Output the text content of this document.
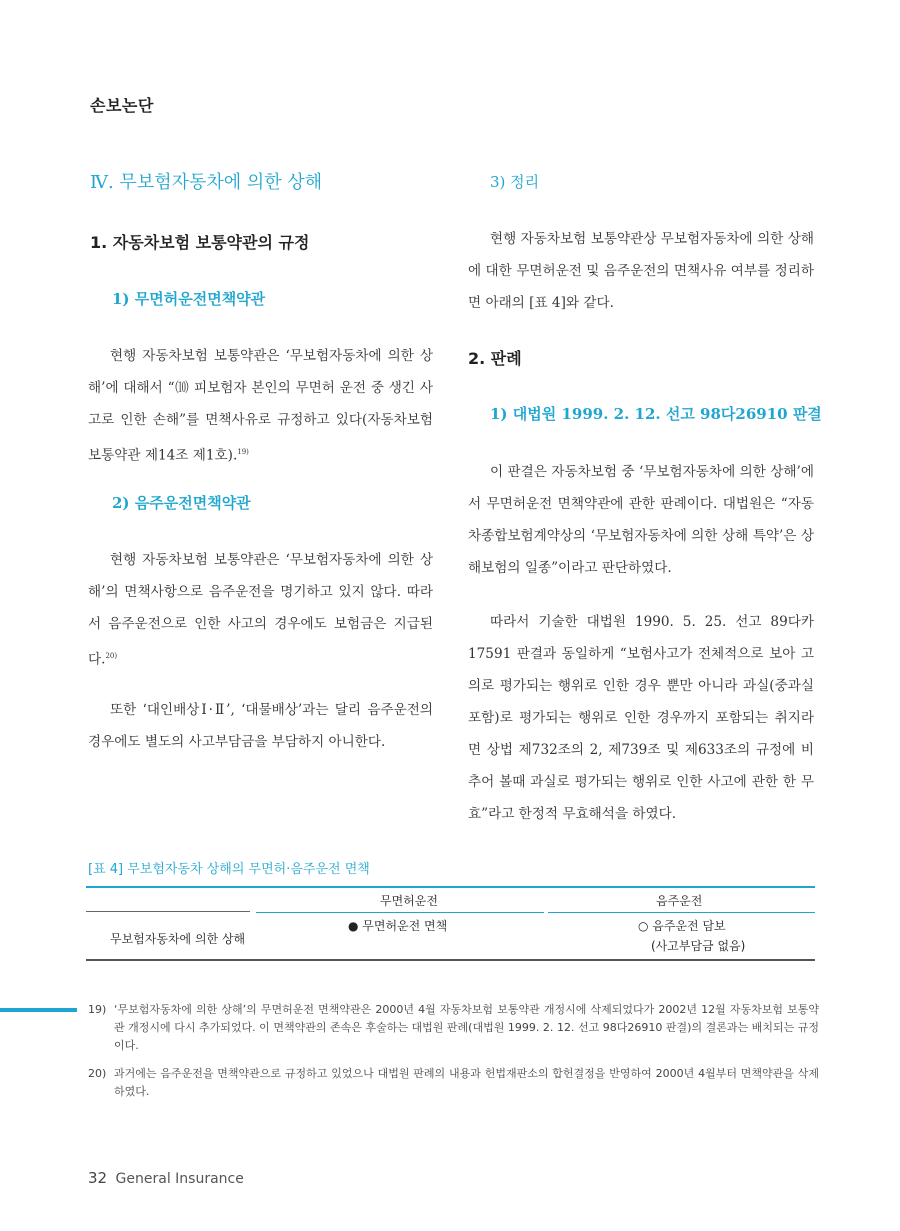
손보논단
Ⅳ. 무보험자동차에 의한 상해
1. 자동차보험 보통약관의 규정
1) 무면허운전면책약관

현행 자동차보험 보통약관은 ‘무보험자동차에 의한 상해’에 대해서 “⑽ 피보험자 본인의 무면허 운전 중 생긴 사고로 인한 손해”를 면책사유로 규정하고 있다(자동차보험 보통약관 제14조 제1호).$^{19)}$

2) 음주운전면책약관

현행 자동차보험 보통약관은 ‘무보험자동차에 의한 상해’의 면책사항으로 음주운전을 명기하고 있지 않다. 따라서 음주운전으로 인한 사고의 경우에도 보험금은 지급된다.$^{20)}$

또한 ‘대인배상Ⅰ·Ⅱ’, ‘대물배상’과는 달리 음주운전의 경우에도 별도의 사고부담금을 부담하지 아니한다.

3) 정리

현행 자동차보험 보통약관상 무보험자동차에 의한 상해에 대한 무면허운전 및 음주운전의 면책사유 여부를 정리하면 아래의 [표 4]와 같다.

2. 판례
1) 대법원 1999. 2. 12. 선고 98다26910 판결

이 판결은 자동차보험 중 ‘무보험자동차에 의한 상해’에서 무면허운전 면책약관에 관한 판례이다. 대법원은 “자동차종합보험계약상의 ‘무보험자동차에 의한 상해 특약’은 상해보험의 일종”이라고 판단하였다.

따라서 기술한 대법원 1990. 5. 25. 선고 89다카17591 판결과 동일하게 “보험사고가 전체적으로 보아 고의로 평가되는 행위로 인한 경우 뿐만 아니라 과실(중과실 포함)로 평가되는 행위로 인한 경우까지 포함되는 취지라면 상법 제732조의 2, 제739조 및 제633조의 규정에 비추어 볼때 과실로 평가되는 행위로 인한 사고에 관한 한 무효”라고 한정적 무효해석을 하였다.

[표 4] 무보험자동차 상해의 무면허·음주운전 면책
무면허운전	음주운전
무보험자동차에 의한 상해
● 무면허운전 면책	○ 음주운전 담보
(사고부담금 없음)
19) ‘무보험자동차에 의한 상해’의 무면허운전 면책약관은 2000년 4월 자동차보험 보통약관 개정시에 삭제되었다가 2002년 12월 자동차보험 보통약관 개정시에 다시 추가되었다. 이 면책약관의 존속은 후술하는 대법원 판례(대법원 1999. 2. 12. 선고 98다26910 판결)의 결론과는 배치되는 규정이다.
20) 과거에는 음주운전을 면책약관으로 규정하고 있었으나 대법원 판례의 내용과 헌법재판소의 합헌결정을 반영하여 2000년 4월부터 면책약관을 삭제하였다.
32 General Insurance
